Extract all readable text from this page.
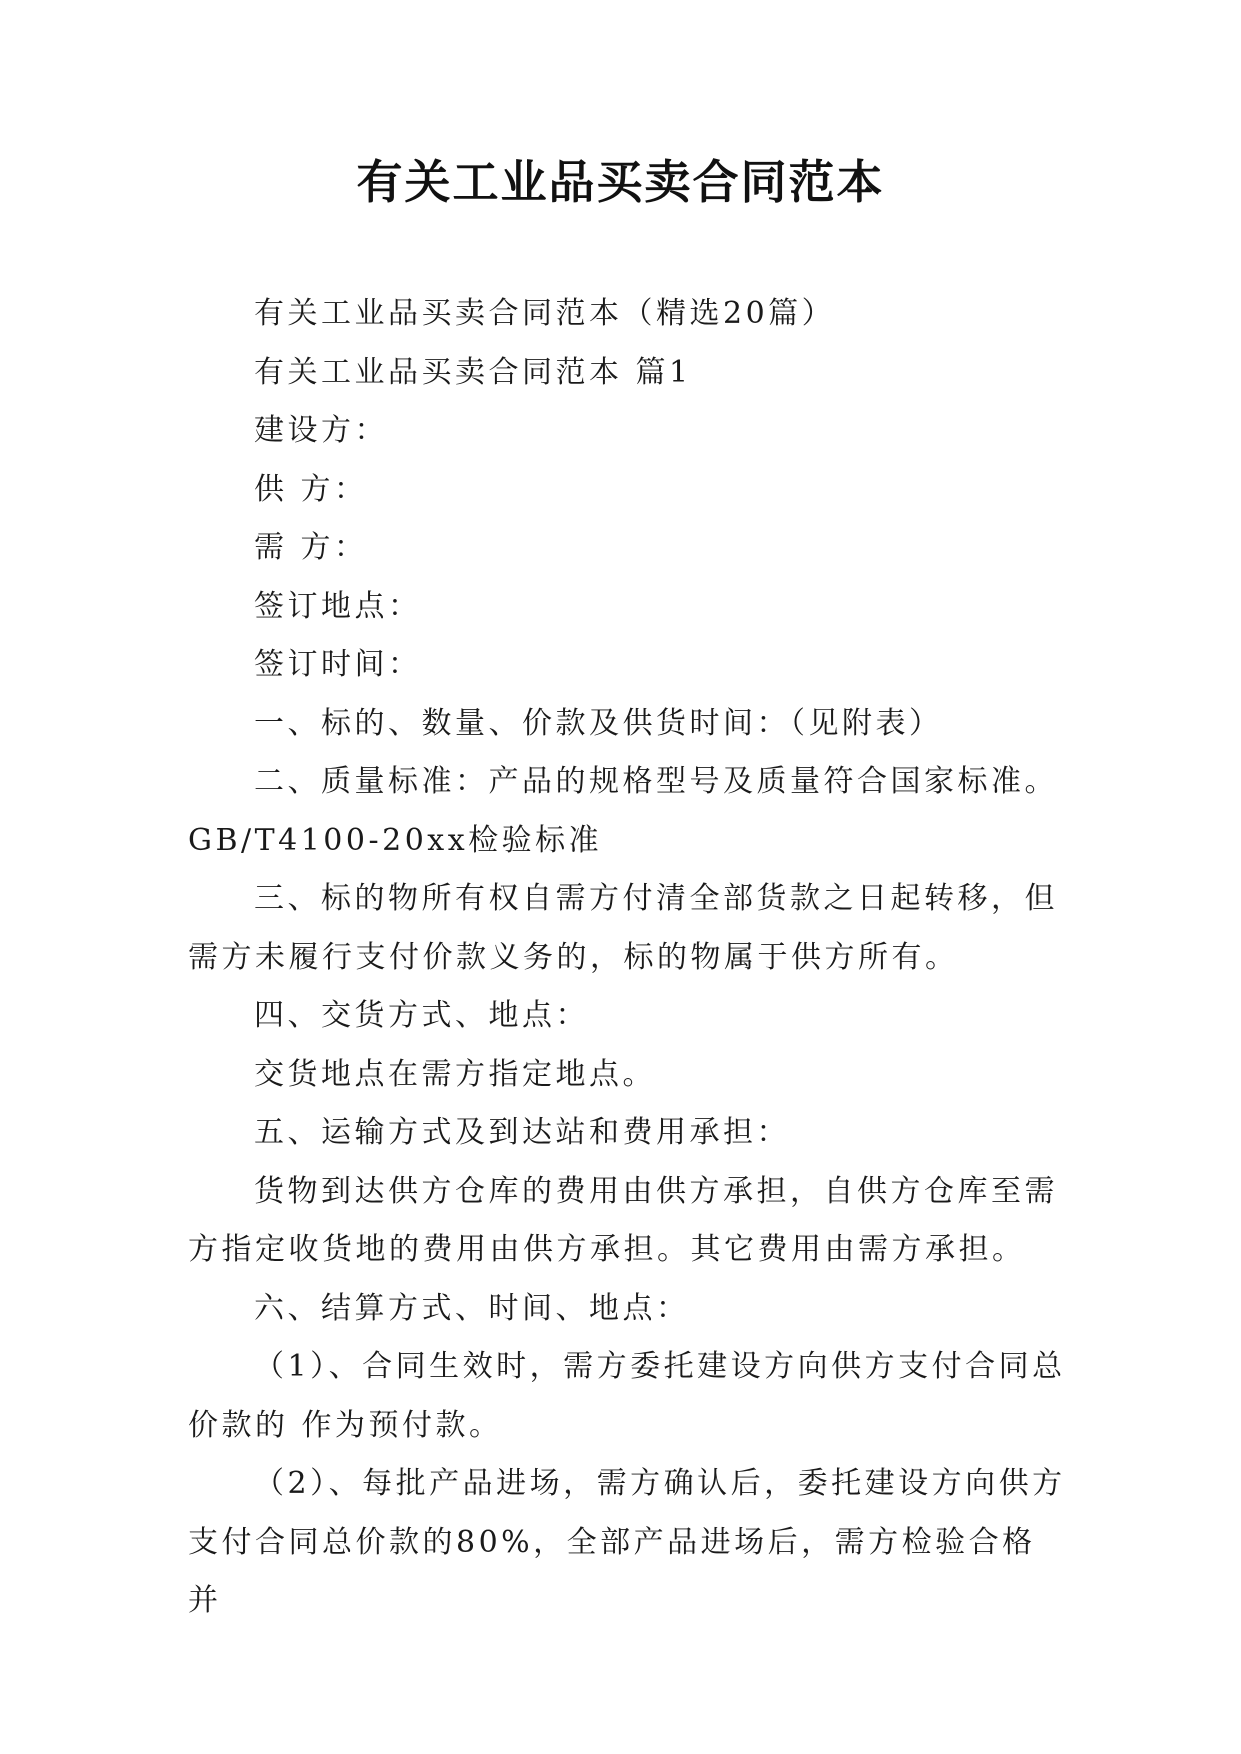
有关工业品买卖合同范本

有关工业品买卖合同范本（精选20篇）

有关工业品买卖合同范本 篇1

建设方：

供 方：

需 方：

签订地点：

签订时间：

一、标的、数量、价款及供货时间：（见附表）

二、质量标准：产品的规格型号及质量符合国家标准。GB/T4100-20xx检验标准

三、标的物所有权自需方付清全部货款之日起转移，但需方未履行支付价款义务的，标的物属于供方所有。

四、交货方式、地点：

交货地点在需方指定地点。

五、运输方式及到达站和费用承担：

货物到达供方仓库的费用由供方承担，自供方仓库至需方指定收货地的费用由供方承担。其它费用由需方承担。

六、结算方式、时间、地点：

（1）、合同生效时，需方委托建设方向供方支付合同总价款的 作为预付款。

（2）、每批产品进场，需方确认后，委托建设方向供方支付合同总价款的80%，全部产品进场后，需方检验合格并
